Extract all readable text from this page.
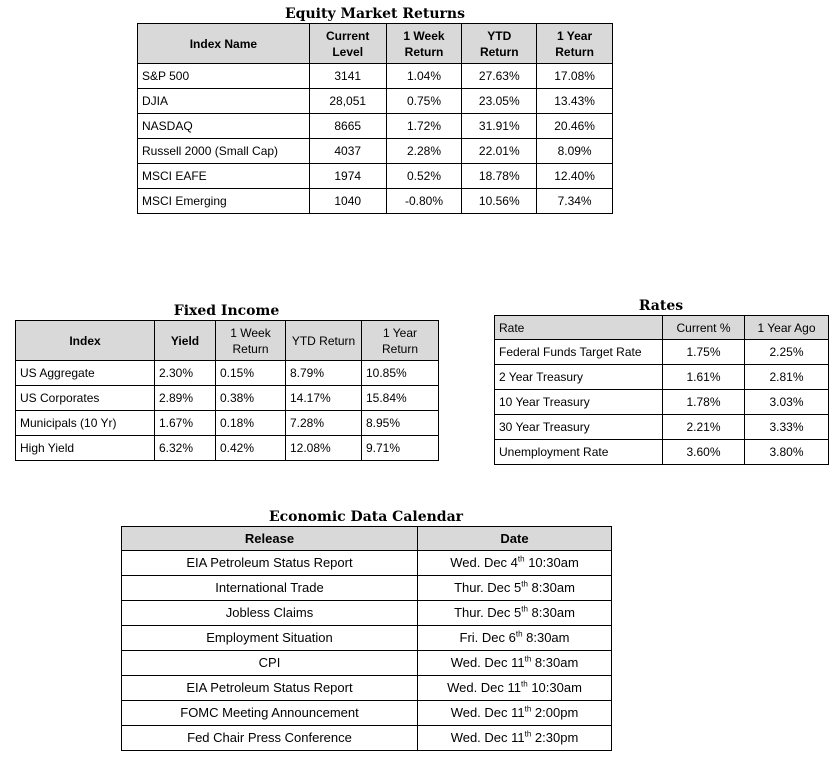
Equity Market Returns
Index Name	Current Level	1 Week Return	YTD Return	1 Year Return
S&P 500	3141	1.04%	27.63%	17.08%
DJIA	28,051	0.75%	23.05%	13.43%
NASDAQ	8665	1.72%	31.91%	20.46%
Russell 2000 (Small Cap)	4037	2.28%	22.01%	8.09%
MSCI EAFE	1974	0.52%	18.78%	12.40%
MSCI Emerging	1040	-0.80%	10.56%	7.34%
Fixed Income
Index	Yield	1 Week Return	YTD Return	1 Year Return
US Aggregate	2.30%	0.15%	8.79%	10.85%
US Corporates	2.89%	0.38%	14.17%	15.84%
Municipals (10 Yr)	1.67%	0.18%	7.28%	8.95%
High Yield	6.32%	0.42%	12.08%	9.71%
Rates
Rate	Current %	1 Year Ago
Federal Funds Target Rate	1.75%	2.25%
2 Year Treasury	1.61%	2.81%
10 Year Treasury	1.78%	3.03%
30 Year Treasury	2.21%	3.33%
Unemployment Rate	3.60%	3.80%
Economic Data Calendar
Release	Date
EIA Petroleum Status Report	Wed. Dec 4th 10:30am
International Trade	Thur. Dec 5th 8:30am
Jobless Claims	Thur. Dec 5th 8:30am
Employment Situation	Fri. Dec 6th 8:30am
CPI	Wed. Dec 11th 8:30am
EIA Petroleum Status Report	Wed. Dec 11th 10:30am
FOMC Meeting Announcement	Wed. Dec 11th 2:00pm
Fed Chair Press Conference	Wed. Dec 11th 2:30pm
